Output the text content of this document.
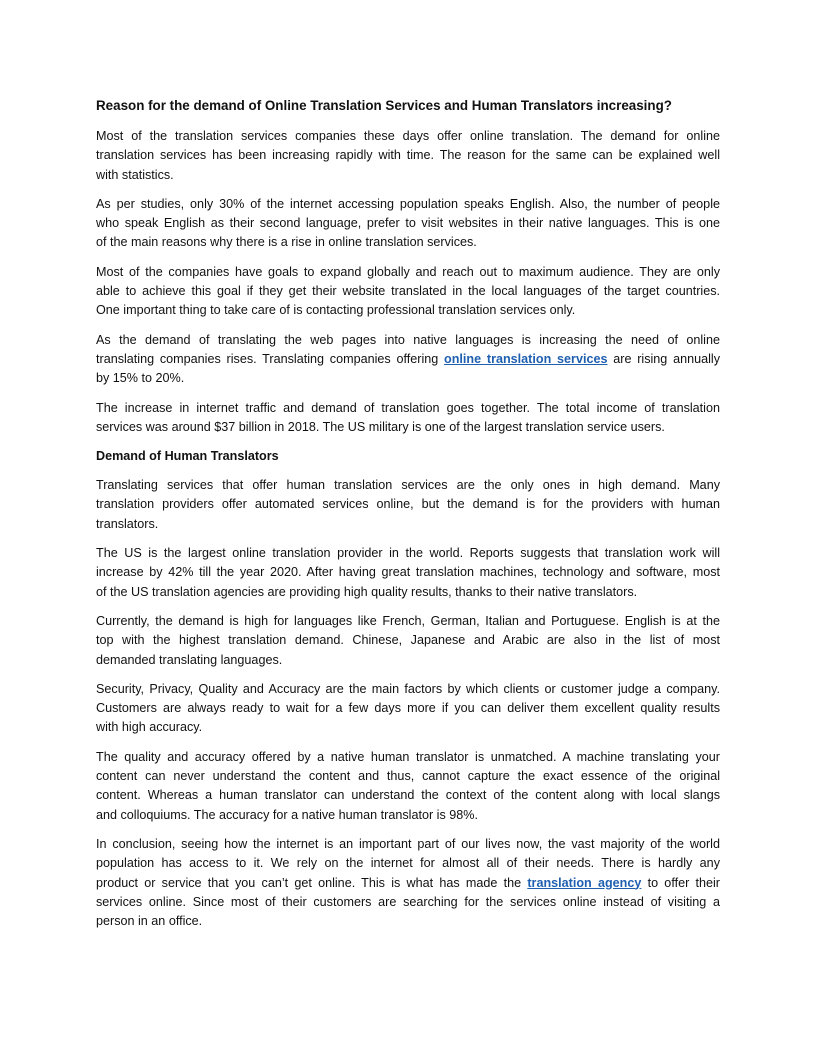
Reason for the demand of Online Translation Services and Human Translators increasing?
Most of the translation services companies these days offer online translation. The demand for online
translation services has been increasing rapidly with time. The reason for the same can be explained well
with statistics.
As per studies, only 30% of the internet accessing population speaks English. Also, the number of people
who speak English as their second language, prefer to visit websites in their native languages. This is one
of the main reasons why there is a rise in online translation services.
Most of the companies have goals to expand globally and reach out to maximum audience. They are only
able to achieve this goal if they get their website translated in the local languages of the target countries.
One important thing to take care of is contacting professional translation services only.
As the demand of translating the web pages into native languages is increasing the need of online
translating companies rises. Translating companies offering online translation services are rising annually
by 15% to 20%.
The increase in internet traffic and demand of translation goes together. The total income of translation
services was around $37 billion in 2018. The US military is one of the largest translation service users.
Demand of Human Translators
Translating services that offer human translation services are the only ones in high demand. Many
translation providers offer automated services online, but the demand is for the providers with human
translators.
The US is the largest online translation provider in the world. Reports suggests that translation work will
increase by 42% till the year 2020. After having great translation machines, technology and software, most
of the US translation agencies are providing high quality results, thanks to their native translators.
Currently, the demand is high for languages like French, German, Italian and Portuguese. English is at the
top with the highest translation demand. Chinese, Japanese and Arabic are also in the list of most
demanded translating languages.
Security, Privacy, Quality and Accuracy are the main factors by which clients or customer judge a company.
Customers are always ready to wait for a few days more if you can deliver them excellent quality results
with high accuracy.
The quality and accuracy offered by a native human translator is unmatched. A machine translating your
content can never understand the content and thus, cannot capture the exact essence of the original
content. Whereas a human translator can understand the context of the content along with local slangs
and colloquiums. The accuracy for a native human translator is 98%.
In conclusion, seeing how the internet is an important part of our lives now, the vast majority of the world
population has access to it. We rely on the internet for almost all of their needs. There is hardly any
product or service that you can’t get online. This is what has made the translation agency to offer their
services online. Since most of their customers are searching for the services online instead of visiting a
person in an office.
